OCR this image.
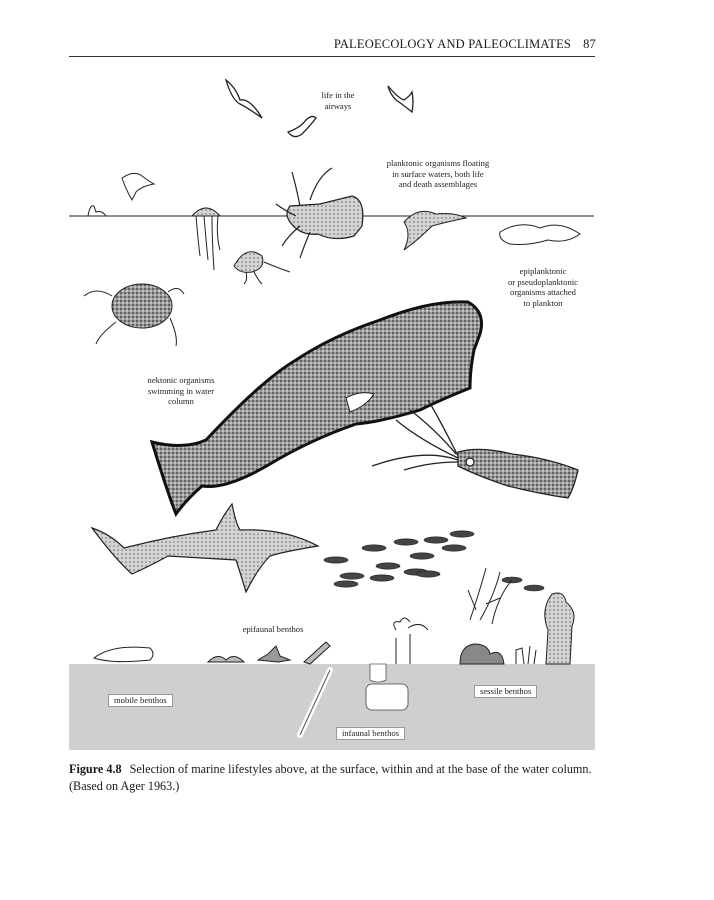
PALEOECOLOGY AND PALEOCLIMATES 87
life in the
airways
planktonic organisms floating
in surface waters, both life
and death assemblages
epiplanktonic
or pseudoplanktonic
organisms attached
to plankton
nektonic organisms
swimming in water
column
epifaunal benthos
mobile benthos
sessile benthos
infaunal benthos
Figure 4.8 Selection of marine lifestyles above, at the surface, within and at the base of the water column. (Based on Ager 1963.)
